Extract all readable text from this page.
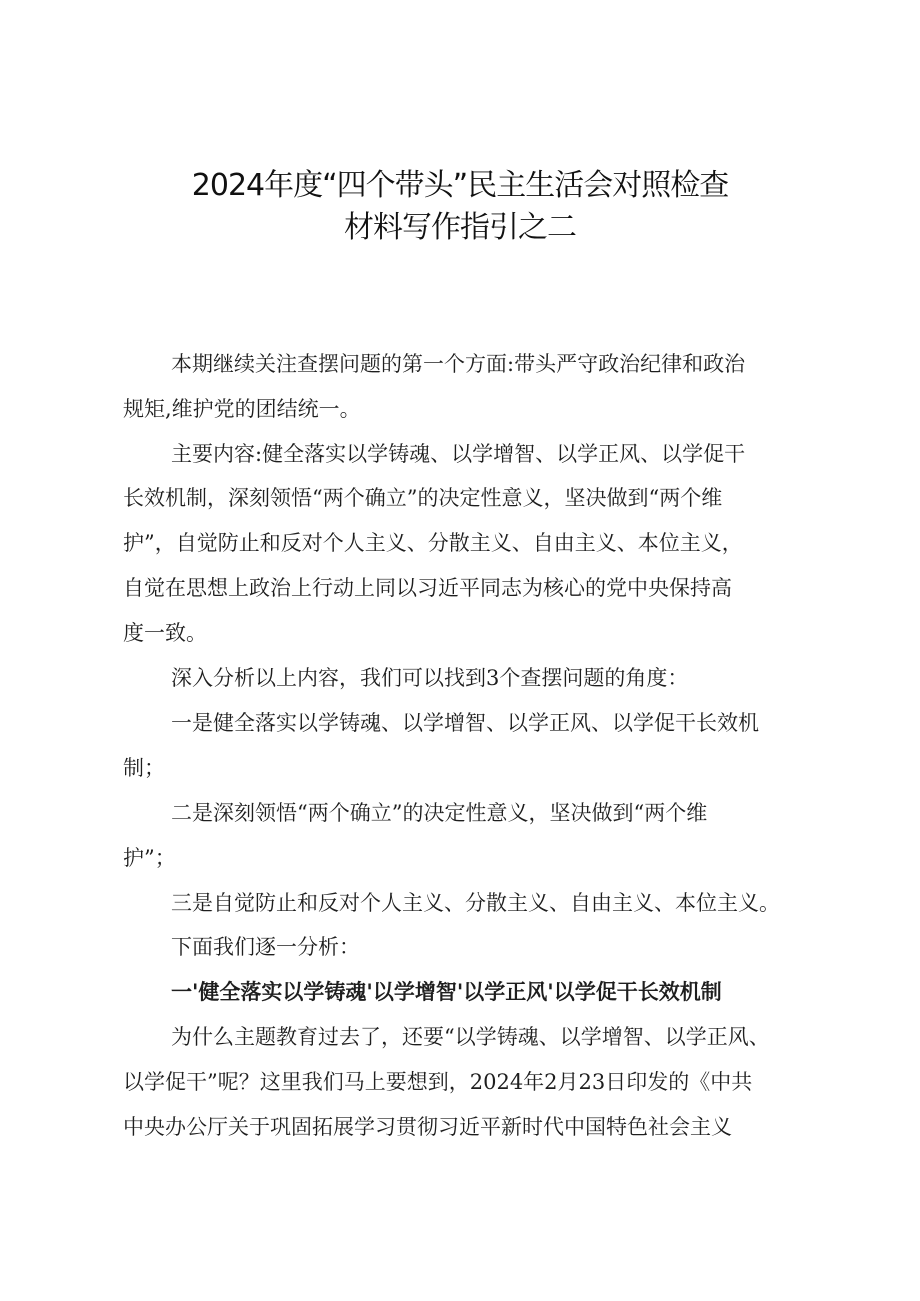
2024年度“四个带头”民主生活会对照检查
材料写作指引之二
本期继续关注查摆问题的第一个方面:带头严守政治纪律和政治
规矩,维护党的团结统一。
主要内容:健全落实以学铸魂、以学增智、以学正风、以学促干
长效机制，深刻领悟“两个确立”的决定性意义，坚决做到“两个维
护”，自觉防止和反对个人主义、分散主义、自由主义、本位主义，
自觉在思想上政治上行动上同以习近平同志为核心的党中央保持高
度一致。
深入分析以上内容，我们可以找到3个查摆问题的角度：
一是健全落实以学铸魂、以学增智、以学正风、以学促干长效机
制；
二是深刻领悟“两个确立”的决定性意义，坚决做到“两个维
护”；
三是自觉防止和反对个人主义、分散主义、自由主义、本位主义。
下面我们逐一分析：
一'健全落实以学铸魂'以学增智'以学正风'以学促干长效机制
为什么主题教育过去了，还要“以学铸魂、以学增智、以学正风、
以学促干”呢？这里我们马上要想到，2024年2月23日印发的《中共
中央办公厅关于巩固拓展学习贯彻习近平新时代中国特色社会主义
